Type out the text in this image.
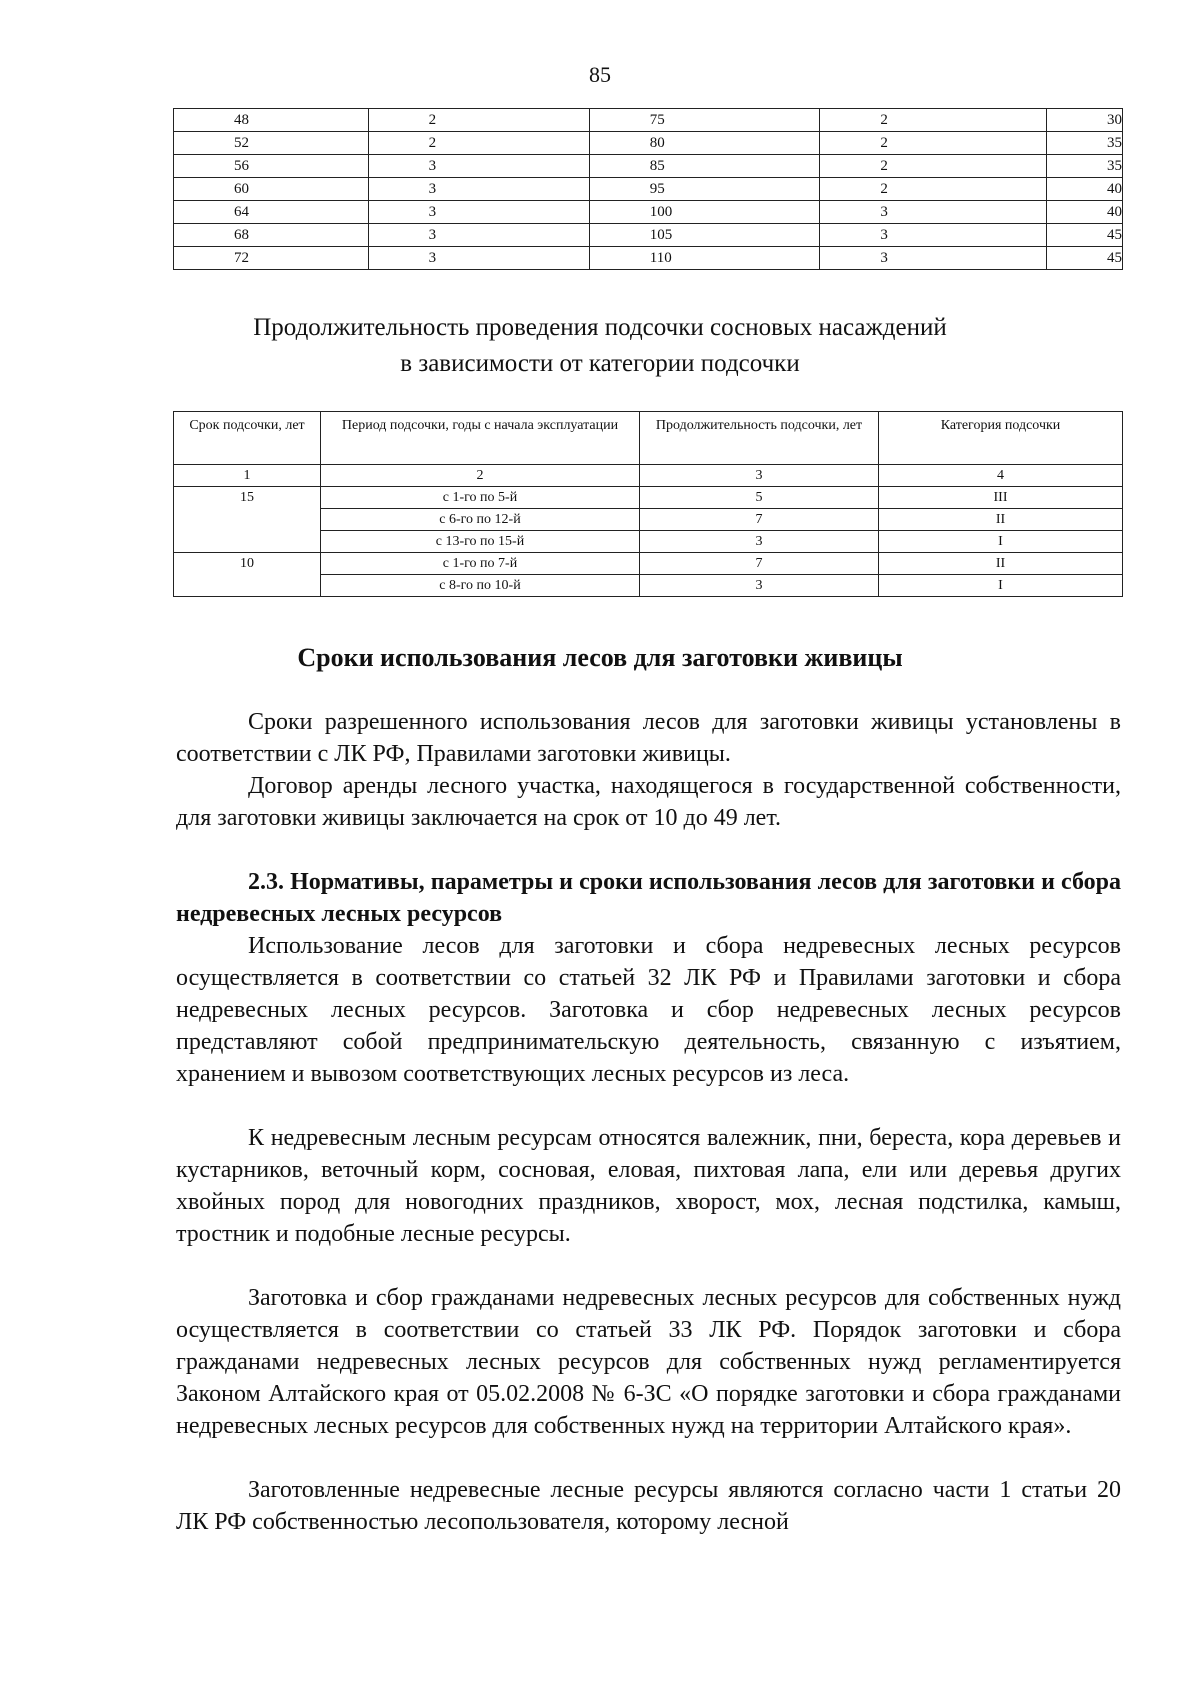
85
48	2	75	2	30
52	2	80	2	35
56	3	85	2	35
60	3	95	2	40
64	3	100	3	40
68	3	105	3	45
72	3	110	3	45
Продолжительность проведения подсочки сосновых насаждений

в зависимости от категории подсочки

Срок подсочки, лет	Период подсочки, годы с начала эксплуатации	Продолжительность подсочки, лет	Категория подсочки
1	2	3	4
15	с 1-го по 5-й	5	III
	с 6-го по 12-й	7	II
	с 13-го по 15-й	3	I
10	с 1-го по 7-й	7	II
	с 8-го по 10-й	3	I
Сроки использования лесов для заготовки живицы

Сроки разрешенного использования лесов для заготовки живицы установлены в соответствии с ЛК РФ, Правилами заготовки живицы.

Договор аренды лесного участка, находящегося в государственной собственности, для заготовки живицы заключается на срок от 10 до 49 лет.

2.3. Нормативы, параметры и сроки использования лесов для заготовки и сбора недревесных лесных ресурсов

Использование лесов для заготовки и сбора недревесных лесных ресурсов осуществляется в соответствии со статьей 32 ЛК РФ и Правилами заготовки и сбора недревесных лесных ресурсов. Заготовка и сбор недревесных лесных ресурсов представляют собой предпринимательскую деятельность, связанную с изъятием, хранением и вывозом соответствующих лесных ресурсов из леса.

К недревесным лесным ресурсам относятся валежник, пни, береста, кора деревьев и кустарников, веточный корм, сосновая, еловая, пихтовая лапа, ели или деревья других хвойных пород для новогодних праздников, хворост, мох, лесная подстилка, камыш, тростник и подобные лесные ресурсы.

Заготовка и сбор гражданами недревесных лесных ресурсов для собственных нужд осуществляется в соответствии со статьей 33 ЛК РФ. Порядок заготовки и сбора гражданами недревесных лесных ресурсов для собственных нужд регламентируется Законом Алтайского края от 05.02.2008 № 6-ЗС «О порядке заготовки и сбора гражданами недревесных лесных ресурсов для собственных нужд на территории Алтайского края».

Заготовленные недревесные лесные ресурсы являются согласно части 1 статьи 20 ЛК РФ собственностью лесопользователя, которому лесной
